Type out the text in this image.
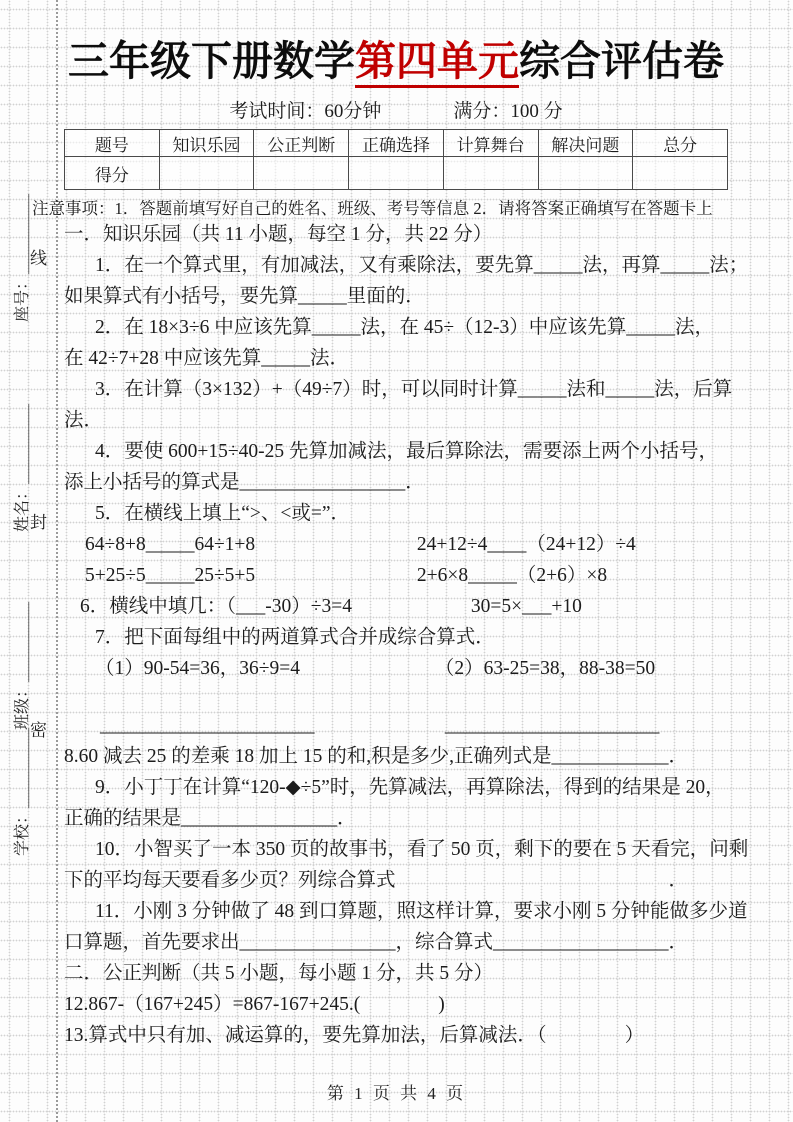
座号：＿＿＿＿＿
姓名：＿＿＿＿＿
班级：＿＿＿＿＿
学校：＿＿＿＿＿
线
封
密
三年级下册数学第四单元综合评估卷
考试时间：60分钟	满分：100 分
题号	知识乐园	公正判断	正确选择	计算舞台	解决问题	总分
得分						
注意事项：1．答题前填写好自己的姓名、班级、考号等信息 2．请将答案正确填写在答题卡上
一．知识乐园（共 11 小题，每空 1 分，共 22 分）
1．在一个算式里，有加减法，又有乘除法，要先算_____法，再算_____法；
如果算式有小括号，要先算_____里面的．
2．在 18×3÷6 中应该先算_____法，在 45÷（12-3）中应该先算_____法，
在 42÷7+28 中应该先算_____法．
3．在计算（3×132）+（49÷7）时，可以同时计算_____法和_____法，后算
法．
4．要使 600+15÷40-25 先算加减法，最后算除法，需要添上两个小括号，
添上小括号的算式是_________________．
5．在横线上填上“>、<或=”．
64÷8+8_____64÷1+8	24+12÷4____（24+12）÷4
5+25÷5_____25÷5+5	2+6×8_____（2+6）×8
6．横线中填几：（___-30）÷3=4	30=5×___+10
7．把下面每组中的两道算式合并成综合算式．
（1）90-54=36，36÷9=4	（2）63-25=38，88-38=50
______________________	______________________
8.60 减去 25 的差乘 18 加上 15 的和,积是多少,正确列式是____________．
9．小丁丁在计算“120-◆÷5”时，先算减法，再算除法，得到的结果是 20，
正确的结果是________________．
10．小智买了一本 350 页的故事书，看了 50 页，剩下的要在 5 天看完，问剩
下的平均每天要看多少页？列综合算式　　　　　　　　　　　　　　．
11．小刚 3 分钟做了 48 到口算题，照这样计算，要求小刚 5 分钟能做多少道
口算题，首先要求出________________，综合算式__________________．
二．公正判断（共 5 小题，每小题 1 分，共 5 分）
12.867-（167+245）=867-167+245.(　　　　)
13.算式中只有加、减运算的，要先算加法，后算减法．（　　　　）
第 1 页 共 4 页
